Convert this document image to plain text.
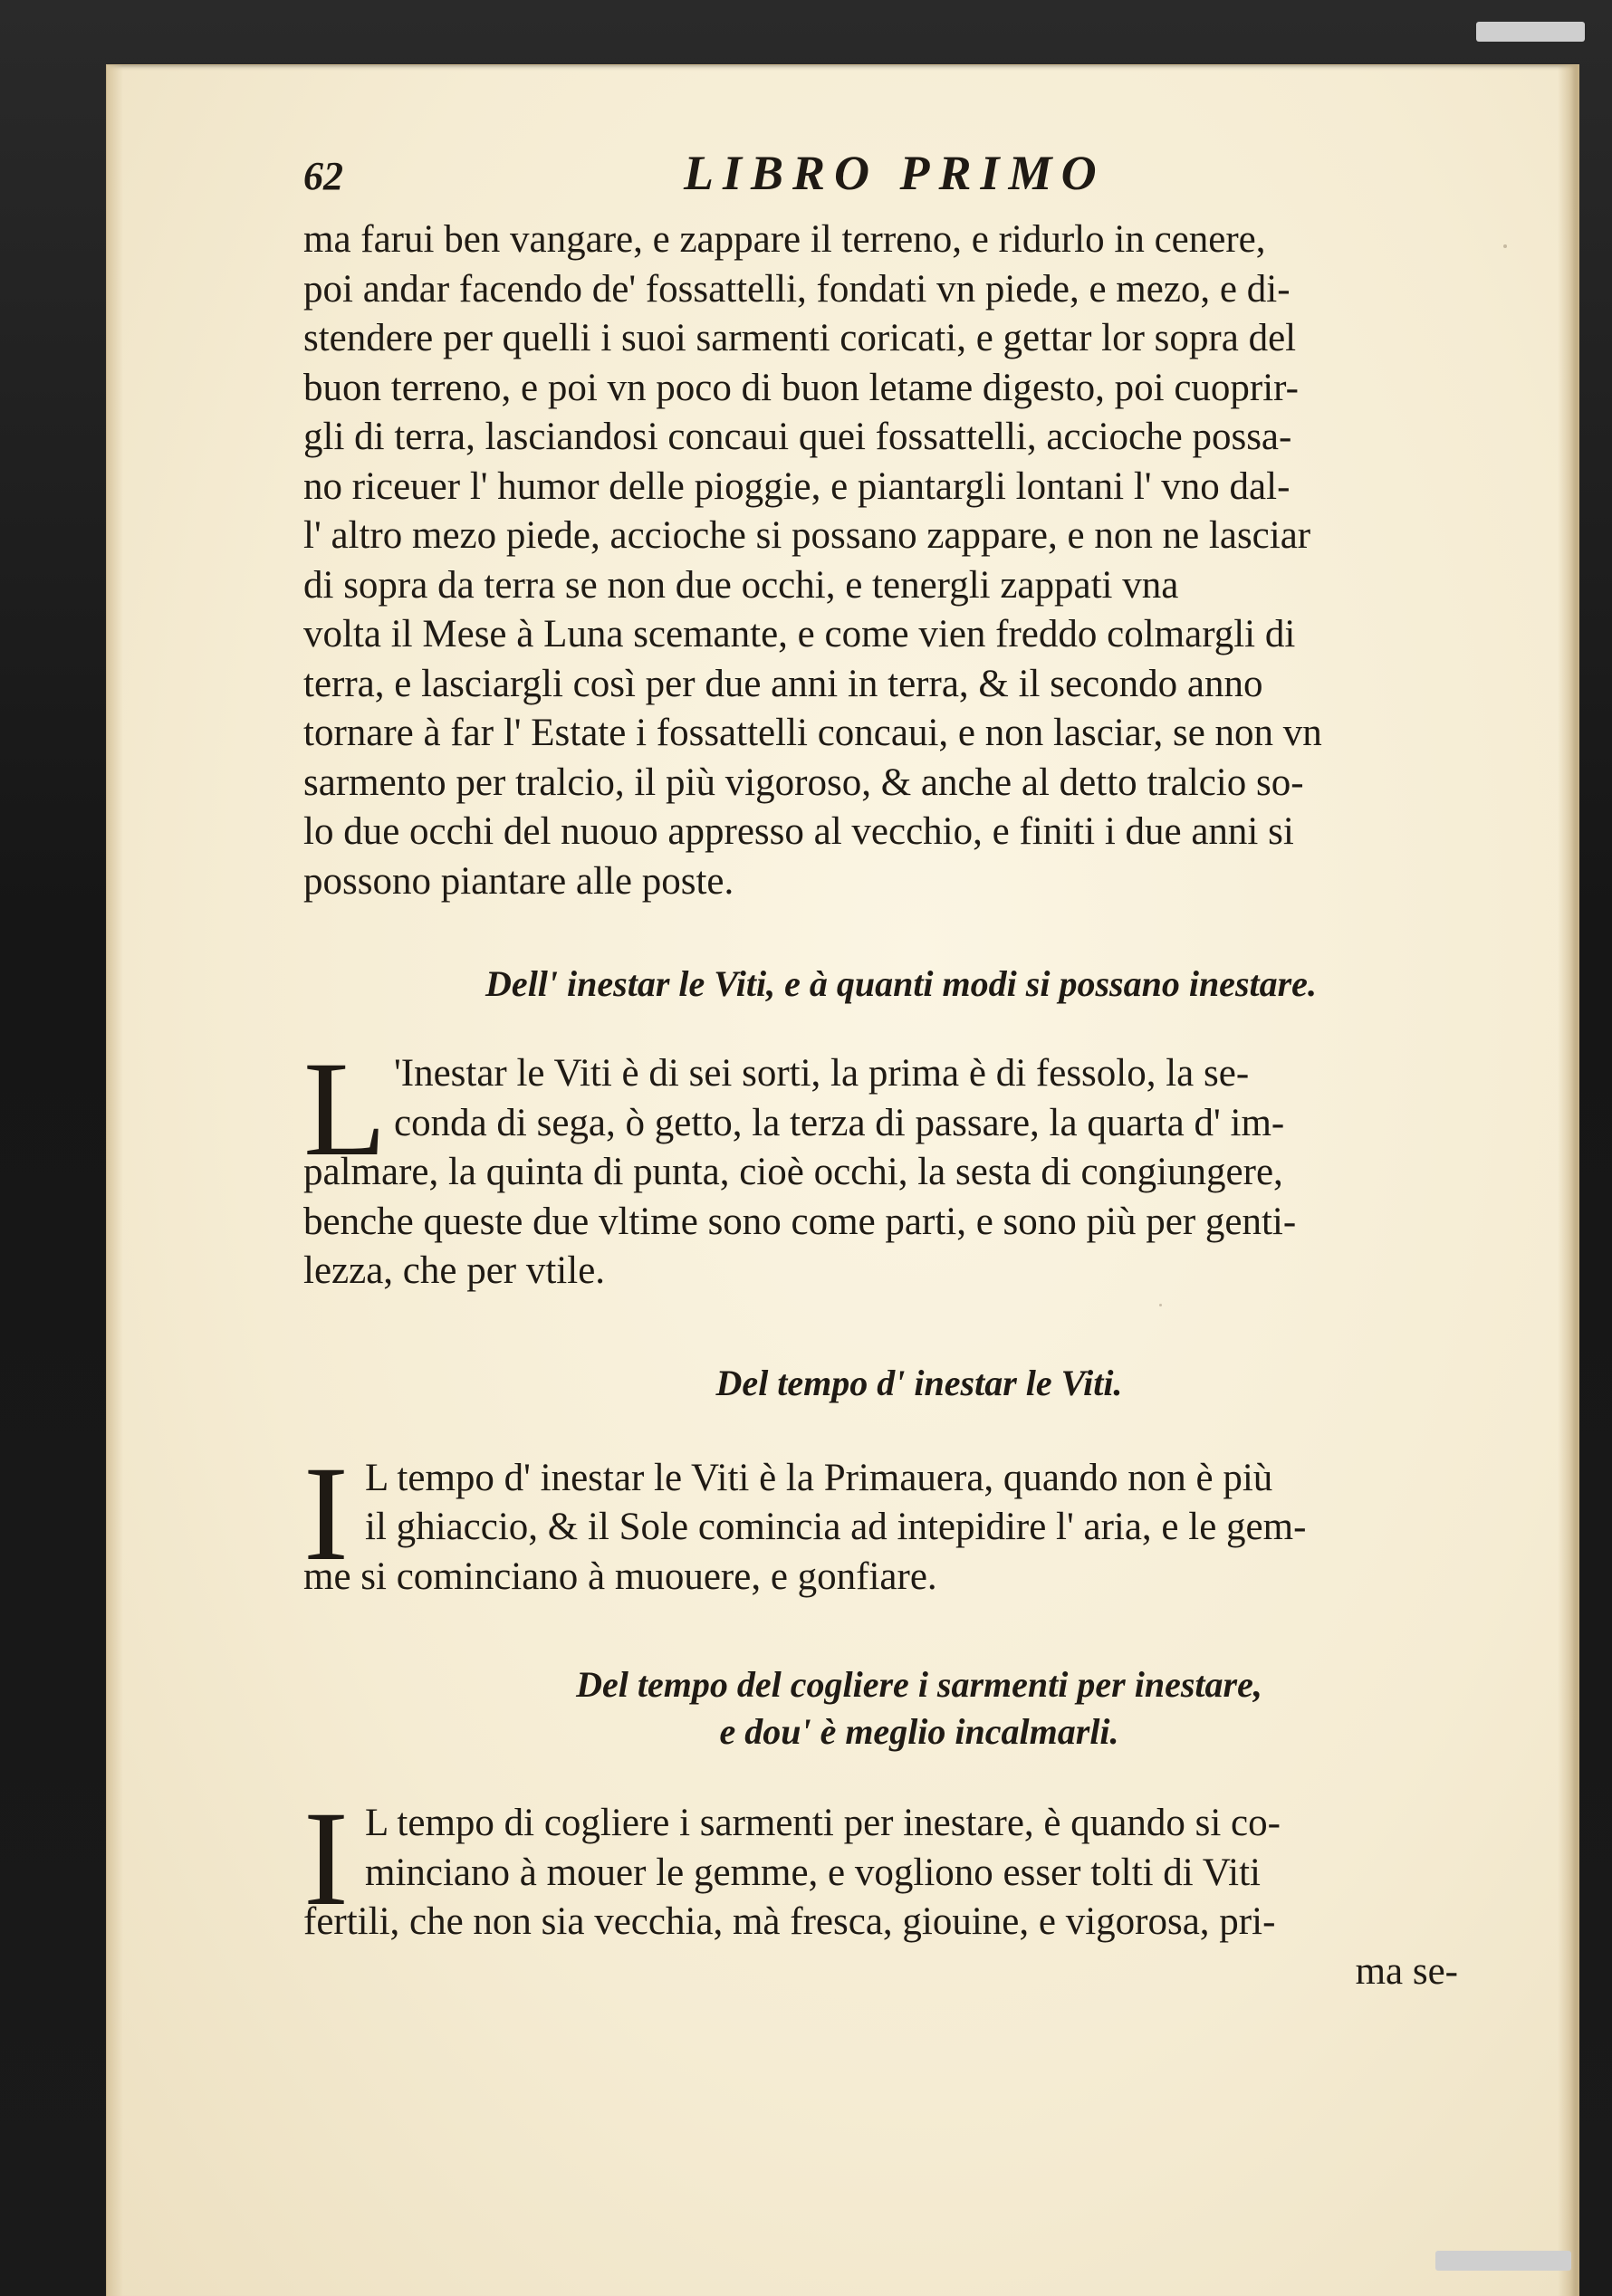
62	LIBRO PRIMO

ma farui ben vangare, e zappare il terreno, e ridurlo in cenere,
poi andar facendo de' fossattelli, fondati vn piede, e mezo, e di-
stendere per quelli i suoi sarmenti coricati, e gettar lor sopra del
buon terreno, e poi vn poco di buon letame digesto, poi cuoprir-
gli di terra, lasciandosi concaui quei fossattelli, accioche possa-
no riceuer l' humor delle pioggie, e piantargli lontani l' vno dal-
l' altro mezo piede, accioche si possano zappare, e non ne lasciar
di sopra da terra se non due occhi, e tenergli zappati vna
volta il Mese à Luna scemante, e come vien freddo colmargli di
terra, e lasciargli così per due anni in terra, & il secondo anno
tornare à far l' Estate i fossattelli concaui, e non lasciar, se non vn
sarmento per tralcio, il più vigoroso, & anche al detto tralcio so-
lo due occhi del nuouo appresso al vecchio, e finiti i due anni si
possono piantare alle poste.

Dell' inestar le Viti, e à quanti modi si possano inestare.

L 'Inestar le Viti è di sei sorti, la prima è di fessolo, la se-
conda di sega, ò getto, la terza di passare, la quarta d' im-
palmare, la quinta di punta, cioè occhi, la sesta di congiungere,
benche queste due vltime sono come parti, e sono più per genti-
lezza, che per vtile.

Del tempo d' inestar le Viti.

I L tempo d' inestar le Viti è la Primauera, quando non è più
il ghiaccio, & il Sole comincia ad intepidire l' aria, e le gem-
me si cominciano à muouere, e gonfiare.

Del tempo del cogliere i sarmenti per inestare,
e dou' è meglio incalmarli.

I L tempo di cogliere i sarmenti per inestare, è quando si co-
minciano à mouer le gemme, e vogliono esser tolti di Viti
fertili, che non sia vecchia, mà fresca, giouine, e vigorosa, pri-
ma se-
